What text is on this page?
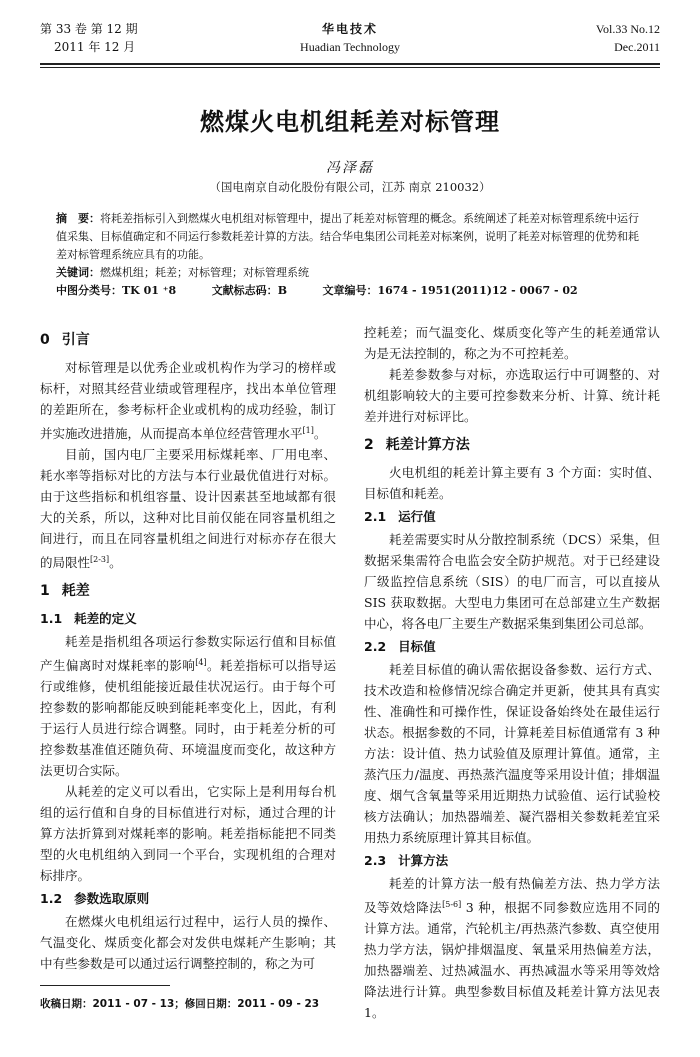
第 33 卷 第 12 期
2011 年 12 月
华电技术
Huadian Technology
Vol.33 No.12
Dec.2011
燃煤火电机组耗差对标管理
冯泽磊
（国电南京自动化股份有限公司，江苏 南京 210032）

摘　要：将耗差指标引入到燃煤火电机组对标管理中，提出了耗差对标管理的概念。系统阐述了耗差对标管理系统中运行值采集、目标值确定和不同运行参数耗差计算的方法。结合华电集团公司耗差对标案例，说明了耗差对标管理的优势和耗差对标管理系统应具有的功能。

关键词：燃煤机组；耗差；对标管理；对标管理系统

中图分类号：TK 01 ⁺8	文献标志码：B	文章编号：1674 - 1951(2011)12 - 0067 - 02

0 引言

对标管理是以优秀企业或机构作为学习的榜样或标杆，对照其经营业绩或管理程序，找出本单位管理的差距所在，参考标杆企业或机构的成功经验，制订并实施改进措施，从而提高本单位经营管理水平[1]。

目前，国内电厂主要采用标煤耗率、厂用电率、耗水率等指标对比的方法与本行业最优值进行对标。由于这些指标和机组容量、设计因素甚至地域都有很大的关系，所以，这种对比目前仅能在同容量机组之间进行，而且在同容量机组之间进行对标亦存在很大的局限性[2-3]。

1 耗差
1.1 耗差的定义

耗差是指机组各项运行参数实际运行值和目标值产生偏离时对煤耗率的影响[4]。耗差指标可以指导运行或维修，使机组能接近最佳状况运行。由于每个可控参数的影响都能反映到能耗率变化上，因此，有利于运行人员进行综合调整。同时，由于耗差分析的可控参数基准值还随负荷、环境温度而变化，故这种方法更切合实际。

从耗差的定义可以看出，它实际上是利用每台机组的运行值和自身的目标值进行对标，通过合理的计算方法折算到对煤耗率的影响。耗差指标能把不同类型的火电机组纳入到同一个平台，实现机组的合理对标排序。

1.2 参数选取原则

在燃煤火电机组运行过程中，运行人员的操作、气温变化、煤质变化都会对发供电煤耗产生影响；其中有些参数是可以通过运行调整控制的，称之为可

控耗差；而气温变化、煤质变化等产生的耗差通常认为是无法控制的，称之为不可控耗差。

耗差参数参与对标，亦选取运行中可调整的、对机组影响较大的主要可控参数来分析、计算、统计耗差并进行对标评比。

2 耗差计算方法

火电机组的耗差计算主要有 3 个方面：实时值、目标值和耗差。

2.1 运行值

耗差需要实时从分散控制系统（DCS）采集，但数据采集需符合电监会安全防护规范。对于已经建设厂级监控信息系统（SIS）的电厂而言，可以直接从 SIS 获取数据。大型电力集团可在总部建立生产数据中心，将各电厂主要生产数据采集到集团公司总部。

2.2 目标值

耗差目标值的确认需依据设备参数、运行方式、技术改造和检修情况综合确定并更新，使其具有真实性、准确性和可操作性，保证设备始终处在最佳运行状态。根据参数的不同，计算耗差目标值通常有 3 种方法：设计值、热力试验值及原理计算值。通常，主蒸汽压力/温度、再热蒸汽温度等采用设计值；排烟温度、烟气含氧量等采用近期热力试验值、运行试验校核方法确认；加热器端差、凝汽器相关参数耗差宜采用热力系统原理计算其目标值。

2.3 计算方法

耗差的计算方法一般有热偏差方法、热力学方法及等效焓降法[5-6] 3 种，根据不同参数应选用不同的计算方法。通常，汽轮机主/再热蒸汽参数、真空使用热力学方法，锅炉排烟温度、氧量采用热偏差方法，加热器端差、过热减温水、再热减温水等采用等效焓降法进行计算。典型参数目标值及耗差计算方法见表 1。

收稿日期：2011 - 07 - 13；修回日期：2011 - 09 - 23
